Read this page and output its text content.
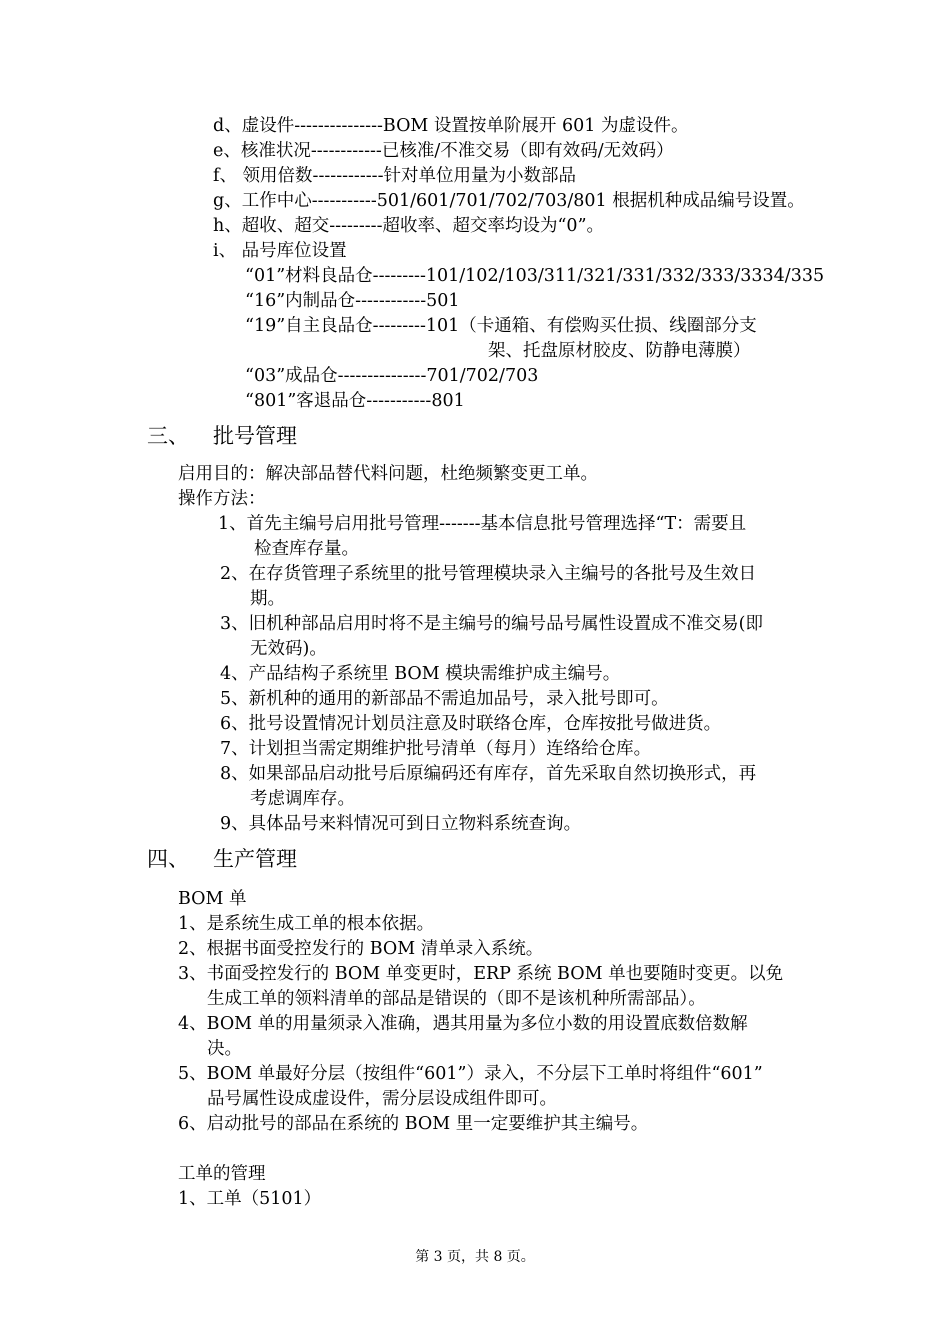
d、虚设件---------------BOM 设置按单阶展开 601 为虚设件。
e、核准状况------------已核准/不准交易（即有效码/无效码）
f、 领用倍数------------针对单位用量为小数部品
g、工作中心-----------501/601/701/702/703/801 根据机种成品编号设置。
h、超收、超交---------超收率、超交率均设为“0”。
i、 品号库位设置
“01”材料良品仓---------101/102/103/311/321/331/332/333/3334/335
“16”内制品仓------------501
“19”自主良品仓---------101（卡通箱、有偿购买仕损、线圈部分支
架、托盘原材胶皮、防静电薄膜）
“03”成品仓---------------701/702/703
“801”客退品仓-----------801
三、 批号管理
启用目的：解决部品替代料问题，杜绝频繁变更工单。
操作方法：
1、首先主编号启用批号管理-------基本信息批号管理选择“T：需要且
检查库存量。
2、在存货管理子系统里的批号管理模块录入主编号的各批号及生效日
期。
3、旧机种部品启用时将不是主编号的编号品号属性设置成不准交易(即
无效码)。
4、产品结构子系统里 BOM 模块需维护成主编号。
5、新机种的通用的新部品不需追加品号，录入批号即可。
6、批号设置情况计划员注意及时联络仓库，仓库按批号做进货。
7、计划担当需定期维护批号清单（每月）连络给仓库。
8、如果部品启动批号后原编码还有库存，首先采取自然切换形式，再
考虑调库存。
9、具体品号来料情况可到日立物料系统查询。
四、 生产管理
BOM 单
1、是系统生成工单的根本依据。
2、根据书面受控发行的 BOM 清单录入系统。
3、书面受控发行的 BOM 单变更时，ERP 系统 BOM 单也要随时变更。以免
生成工单的领料清单的部品是错误的（即不是该机种所需部品）。
4、BOM 单的用量须录入准确，遇其用量为多位小数的用设置底数倍数解
决。
5、BOM 单最好分层（按组件“601”）录入，不分层下工单时将组件“601”
品号属性设成虚设件，需分层设成组件即可。
6、启动批号的部品在系统的 BOM 里一定要维护其主编号。
工单的管理
1、工单（5101）
第 3 页，共 8 页。
